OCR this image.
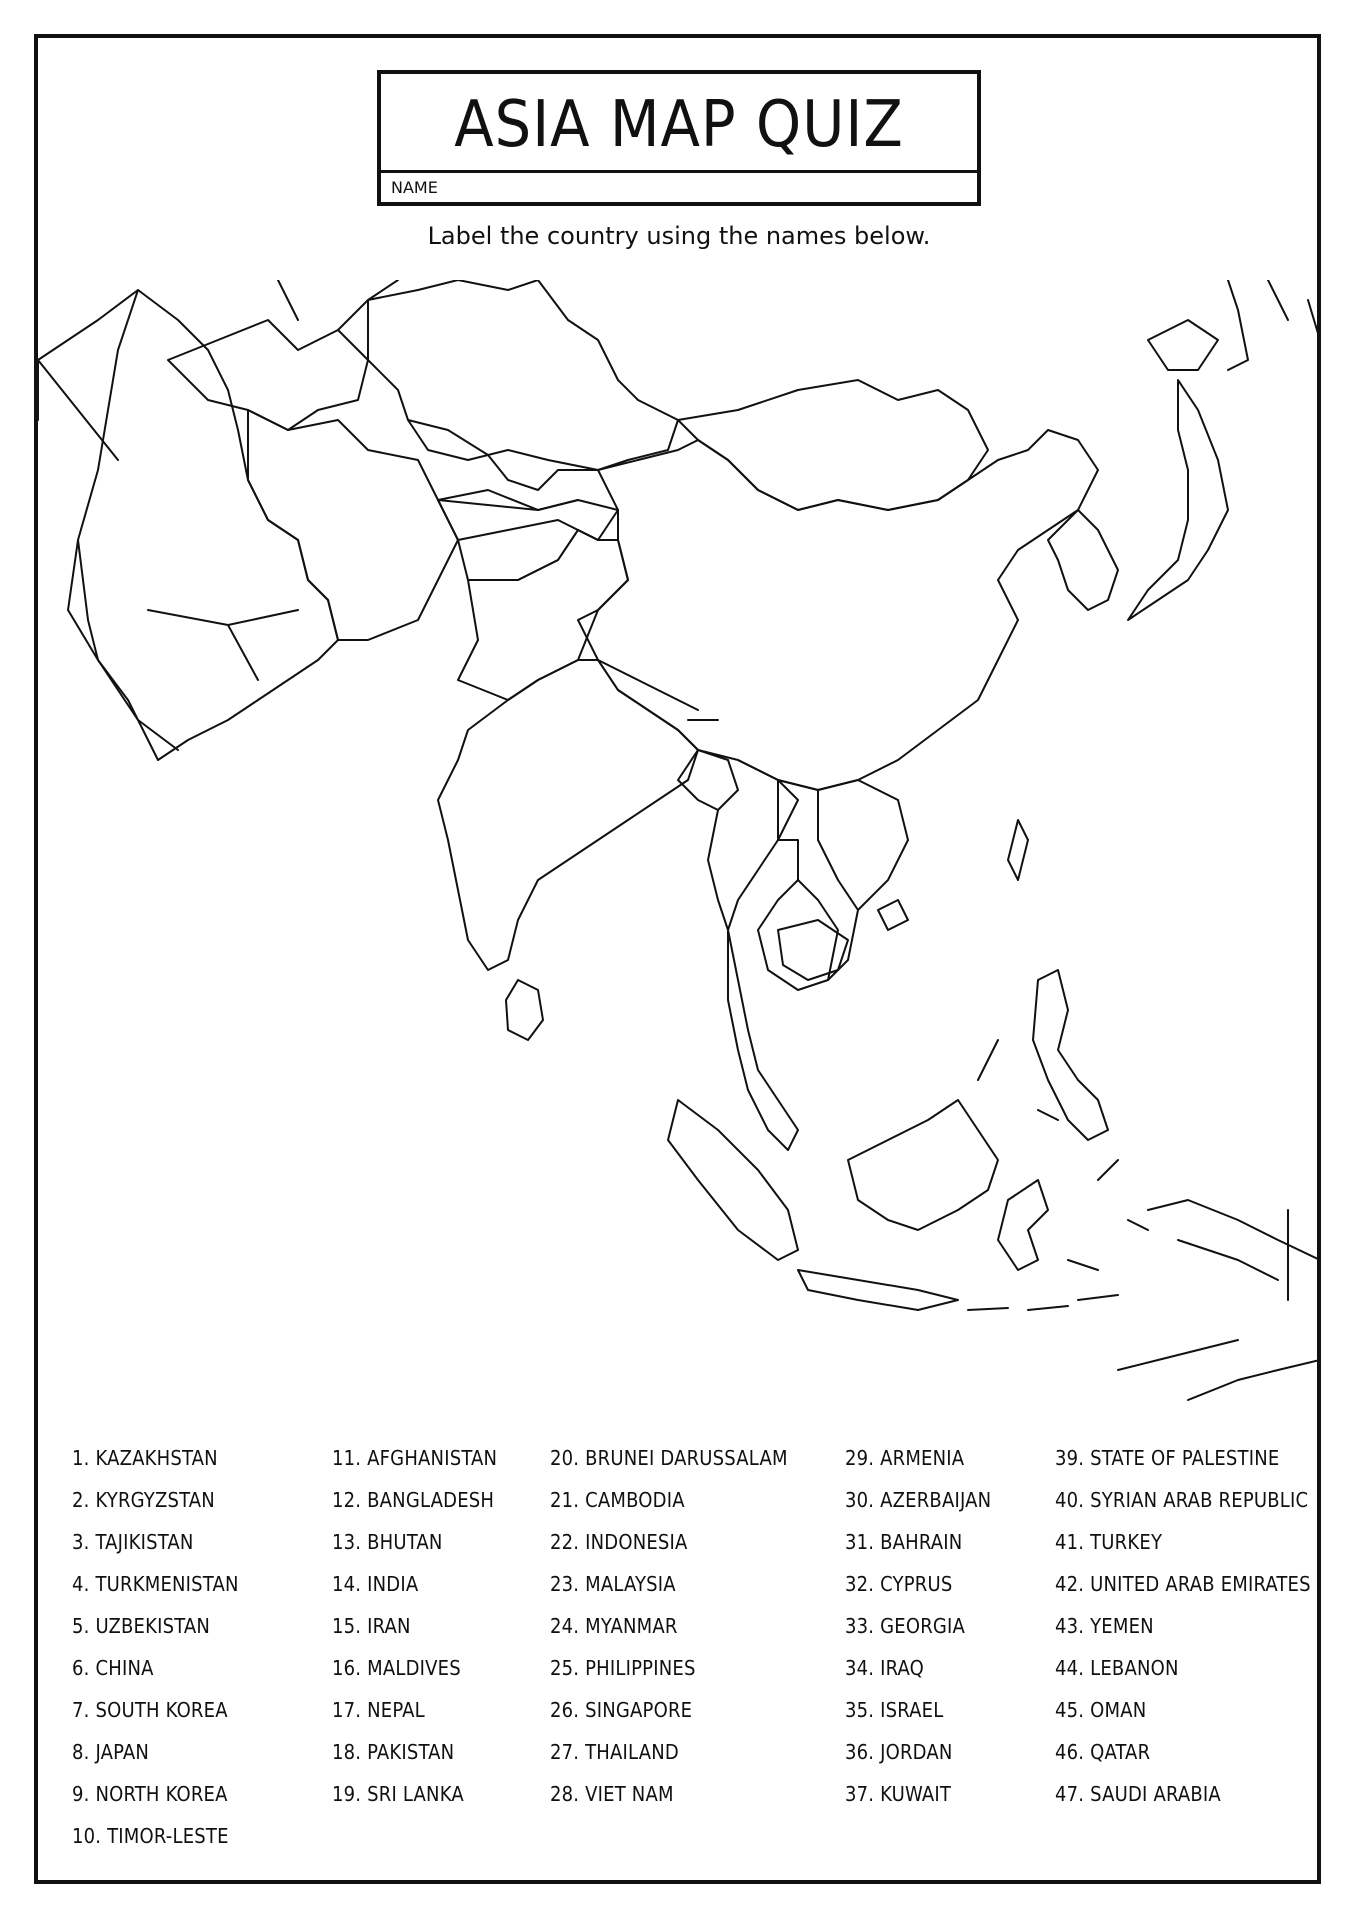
ASIA MAP QUIZ
NAME
Label the country using the names below.
1. KAZAKHSTAN
2. KYRGYZSTAN
3. TAJIKISTAN
4. TURKMENISTAN
5. UZBEKISTAN
6. CHINA
7. SOUTH KOREA
8. JAPAN
9. NORTH KOREA
10. TIMOR-LESTE
11. AFGHANISTAN
12. BANGLADESH
13. BHUTAN
14. INDIA
15. IRAN
16. MALDIVES
17. NEPAL
18. PAKISTAN
19. SRI LANKA
20. BRUNEI DARUSSALAM
21. CAMBODIA
22. INDONESIA
23. MALAYSIA
24. MYANMAR
25. PHILIPPINES
26. SINGAPORE
27. THAILAND
28. VIET NAM
29. ARMENIA
30. AZERBAIJAN
31. BAHRAIN
32. CYPRUS
33. GEORGIA
34. IRAQ
35. ISRAEL
36. JORDAN
37. KUWAIT
39. STATE OF PALESTINE
40. SYRIAN ARAB REPUBLIC
41. TURKEY
42. UNITED ARAB EMIRATES
43. YEMEN
44. LEBANON
45. OMAN
46. QATAR
47. SAUDI ARABIA
